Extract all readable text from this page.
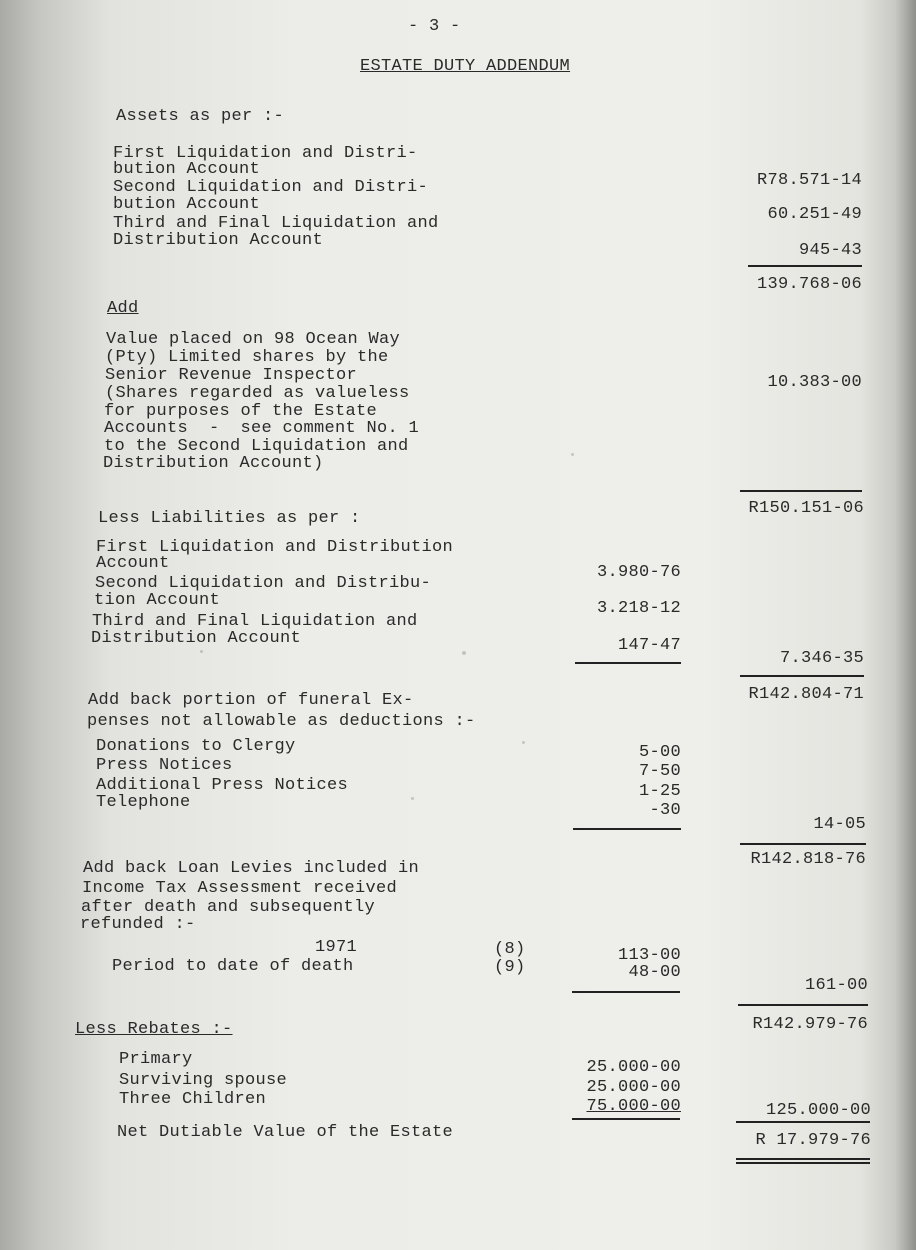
- 3 -
ESTATE DUTY ADDENDUM
Assets as per :-
First Liquidation and Distri-
bution Account
Second Liquidation and Distri-
bution Account
Third and Final Liquidation and
Distribution Account
R78.571-14
60.251-49
945-43
139.768-06
Add
Value placed on 98 Ocean Way
(Pty) Limited shares by the
Senior Revenue Inspector
(Shares regarded as valueless
for purposes of the Estate
Accounts  -  see comment No. 1
to the Second Liquidation and
Distribution Account)
10.383-00
R150.151-06
Less Liabilities as per :
First Liquidation and Distribution
Account
Second Liquidation and Distribu-
tion Account
Third and Final Liquidation and
Distribution Account
3.980-76
3.218-12
147-47
7.346-35
R142.804-71
Add back portion of funeral Ex-
penses not allowable as deductions :-
Donations to Clergy
Press Notices
Additional Press Notices
Telephone
5-00
7-50
1-25
-30
14-05
R142.818-76
Add back Loan Levies included in
Income Tax Assessment received
after death and subsequently
refunded :-
1971
Period to date of death
(8)
(9)
113-00
48-00
161-00
R142.979-76
Less Rebates :-
Primary
Surviving spouse
Three Children
25.000-00
25.000-00
75.000-00	125.000-00
Net Dutiable Value of the Estate	R 17.979-76
